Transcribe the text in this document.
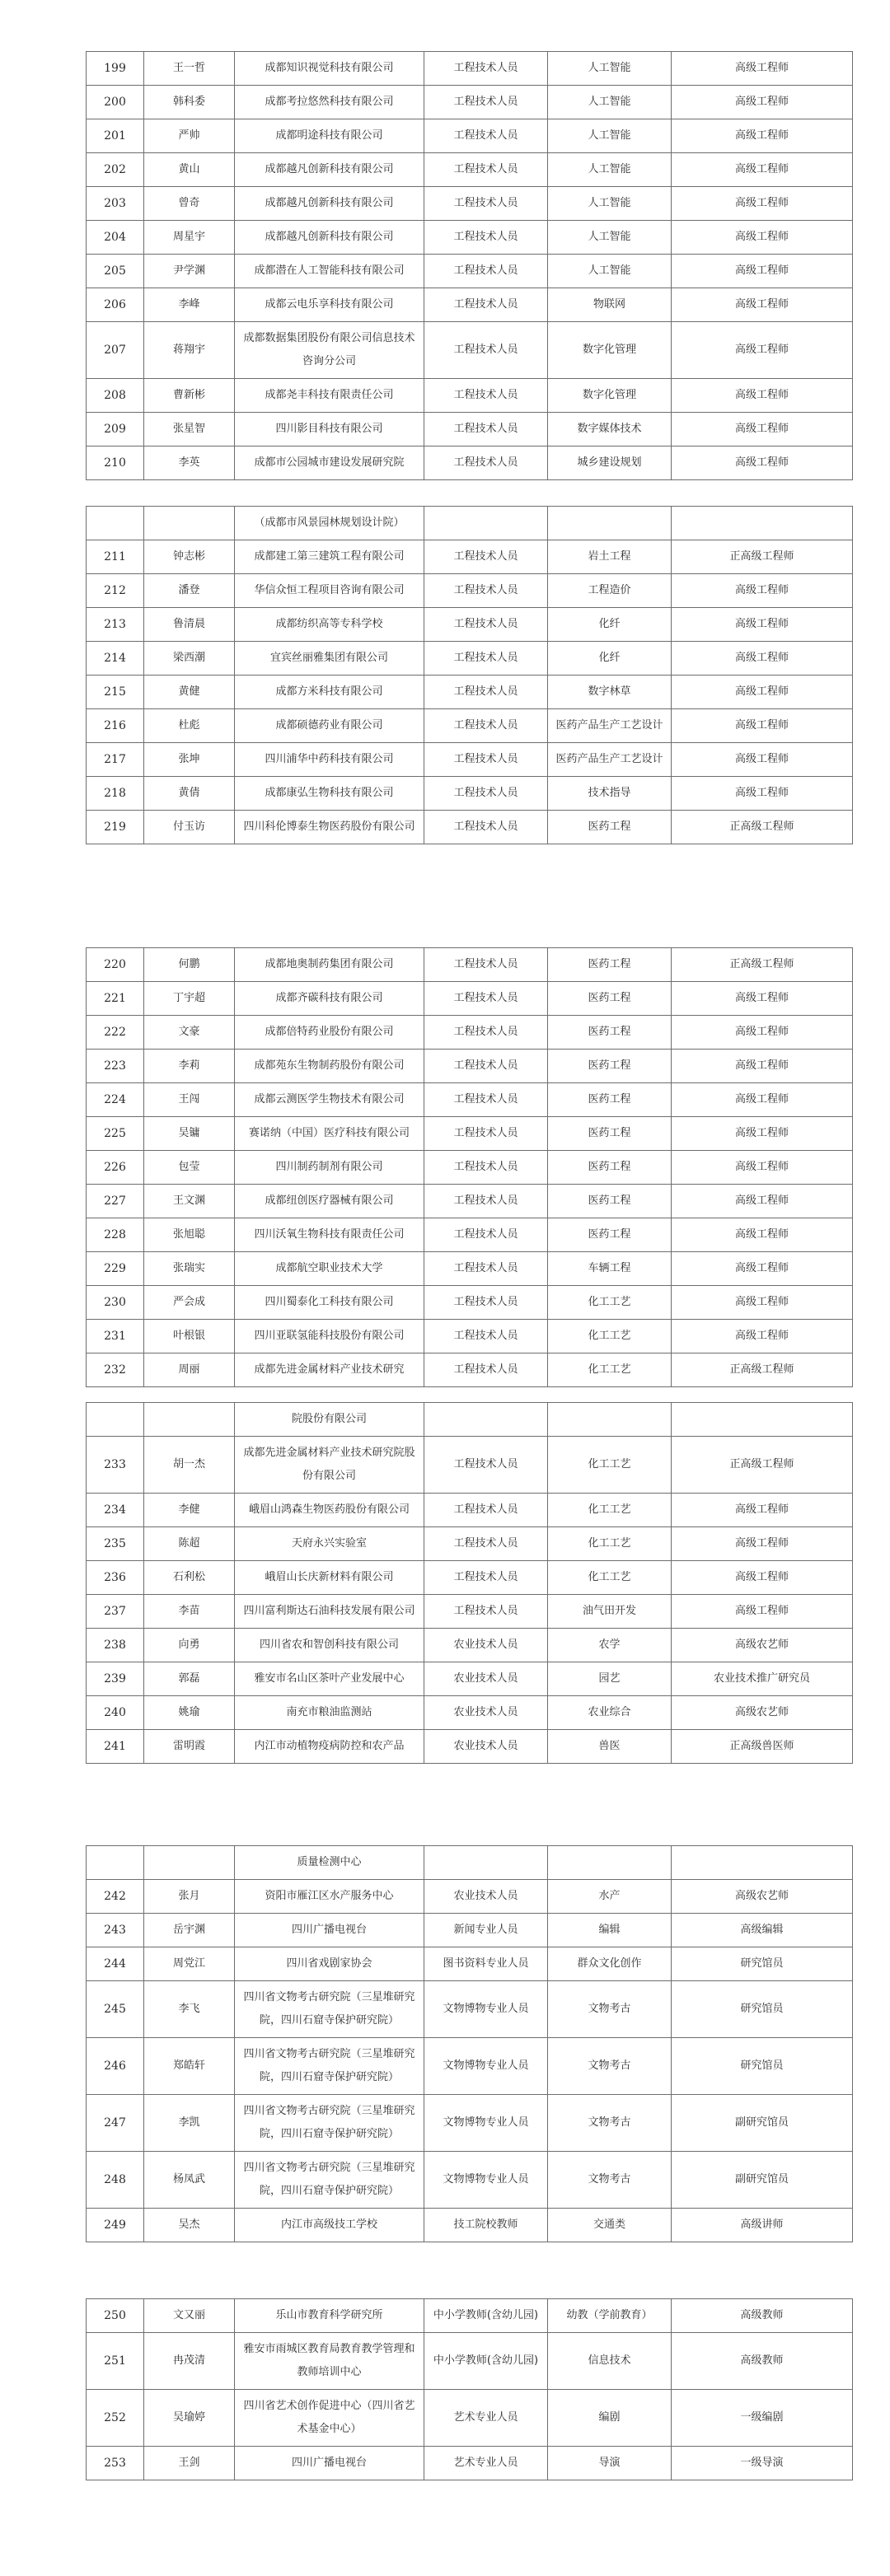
199	王一哲	成都知识视觉科技有限公司	工程技术人员	人工智能	高级工程师
200	韩科委	成都考拉悠然科技有限公司	工程技术人员	人工智能	高级工程师
201	严帅	成都明途科技有限公司	工程技术人员	人工智能	高级工程师
202	黄山	成都越凡创新科技有限公司	工程技术人员	人工智能	高级工程师
203	曾奇	成都越凡创新科技有限公司	工程技术人员	人工智能	高级工程师
204	周星宇	成都越凡创新科技有限公司	工程技术人员	人工智能	高级工程师
205	尹学渊	成都潜在人工智能科技有限公司	工程技术人员	人工智能	高级工程师
206	李峰	成都云电乐享科技有限公司	工程技术人员	物联网	高级工程师
207	蒋翔宇	成都数据集团股份有限公司信息技术咨询分公司	工程技术人员	数字化管理	高级工程师
208	曹新彬	成都尧丰科技有限责任公司	工程技术人员	数字化管理	高级工程师
209	张星智	四川影目科技有限公司	工程技术人员	数字媒体技术	高级工程师
210	李英	成都市公园城市建设发展研究院	工程技术人员	城乡建设规划	高级工程师
		（成都市风景园林规划设计院）			
211	钟志彬	成都建工第三建筑工程有限公司	工程技术人员	岩土工程	正高级工程师
212	潘登	华信众恒工程项目咨询有限公司	工程技术人员	工程造价	高级工程师
213	鲁清晨	成都纺织高等专科学校	工程技术人员	化纤	高级工程师
214	梁西潮	宜宾丝丽雅集团有限公司	工程技术人员	化纤	高级工程师
215	黄健	成都方米科技有限公司	工程技术人员	数字林草	高级工程师
216	杜彪	成都硕德药业有限公司	工程技术人员	医药产品生产工艺设计	高级工程师
217	张坤	四川浦华中药科技有限公司	工程技术人员	医药产品生产工艺设计	高级工程师
218	黄倩	成都康弘生物科技有限公司	工程技术人员	技术指导	高级工程师
219	付玉访	四川科伦博泰生物医药股份有限公司	工程技术人员	医药工程	正高级工程师
220	何鹏	成都地奥制药集团有限公司	工程技术人员	医药工程	正高级工程师
221	丁宇超	成都齐碳科技有限公司	工程技术人员	医药工程	高级工程师
222	文豪	成都倍特药业股份有限公司	工程技术人员	医药工程	高级工程师
223	李莉	成都苑东生物制药股份有限公司	工程技术人员	医药工程	高级工程师
224	王闯	成都云测医学生物技术有限公司	工程技术人员	医药工程	高级工程师
225	吴镛	赛诺纳（中国）医疗科技有限公司	工程技术人员	医药工程	高级工程师
226	包莹	四川制药制剂有限公司	工程技术人员	医药工程	高级工程师
227	王文渊	成都纽创医疗器械有限公司	工程技术人员	医药工程	高级工程师
228	张旭聪	四川沃氧生物科技有限责任公司	工程技术人员	医药工程	高级工程师
229	张瑞实	成都航空职业技术大学	工程技术人员	车辆工程	高级工程师
230	严会成	四川蜀泰化工科技有限公司	工程技术人员	化工工艺	高级工程师
231	叶根银	四川亚联氢能科技股份有限公司	工程技术人员	化工工艺	高级工程师
232	周丽	成都先进金属材料产业技术研究	工程技术人员	化工工艺	正高级工程师
		院股份有限公司			
233	胡一杰	成都先进金属材料产业技术研究院股份有限公司	工程技术人员	化工工艺	正高级工程师
234	李健	峨眉山鸿森生物医药股份有限公司	工程技术人员	化工工艺	高级工程师
235	陈超	天府永兴实验室	工程技术人员	化工工艺	高级工程师
236	石利松	峨眉山长庆新材料有限公司	工程技术人员	化工工艺	高级工程师
237	李苗	四川富利斯达石油科技发展有限公司	工程技术人员	油气田开发	高级工程师
238	向勇	四川省农和智创科技有限公司	农业技术人员	农学	高级农艺师
239	郭磊	雅安市名山区茶叶产业发展中心	农业技术人员	园艺	农业技术推广研究员
240	姚瑜	南充市粮油监测站	农业技术人员	农业综合	高级农艺师
241	雷明霞	内江市动植物疫病防控和农产品	农业技术人员	兽医	正高级兽医师
		质量检测中心			
242	张月	资阳市雁江区水产服务中心	农业技术人员	水产	高级农艺师
243	岳宇渊	四川广播电视台	新闻专业人员	编辑	高级编辑
244	周党江	四川省戏剧家协会	图书资料专业人员	群众文化创作	研究馆员
245	李飞	四川省文物考古研究院（三星堆研究院，四川石窟寺保护研究院）	文物博物专业人员	文物考古	研究馆员
246	郑皓轩	四川省文物考古研究院（三星堆研究院，四川石窟寺保护研究院）	文物博物专业人员	文物考古	研究馆员
247	李凯	四川省文物考古研究院（三星堆研究院，四川石窟寺保护研究院）	文物博物专业人员	文物考古	副研究馆员
248	杨凤武	四川省文物考古研究院（三星堆研究院，四川石窟寺保护研究院）	文物博物专业人员	文物考古	副研究馆员
249	吴杰	内江市高级技工学校	技工院校教师	交通类	高级讲师
250	文又丽	乐山市教育科学研究所	中小学教师(含幼儿园)	幼教（学前教育）	高级教师
251	冉茂清	雅安市雨城区教育局教育教学管理和教师培训中心	中小学教师(含幼儿园)	信息技术	高级教师
252	吴瑜婷	四川省艺术创作促进中心（四川省艺术基金中心）	艺术专业人员	编剧	一级编剧
253	王剑	四川广播电视台	艺术专业人员	导演	一级导演
